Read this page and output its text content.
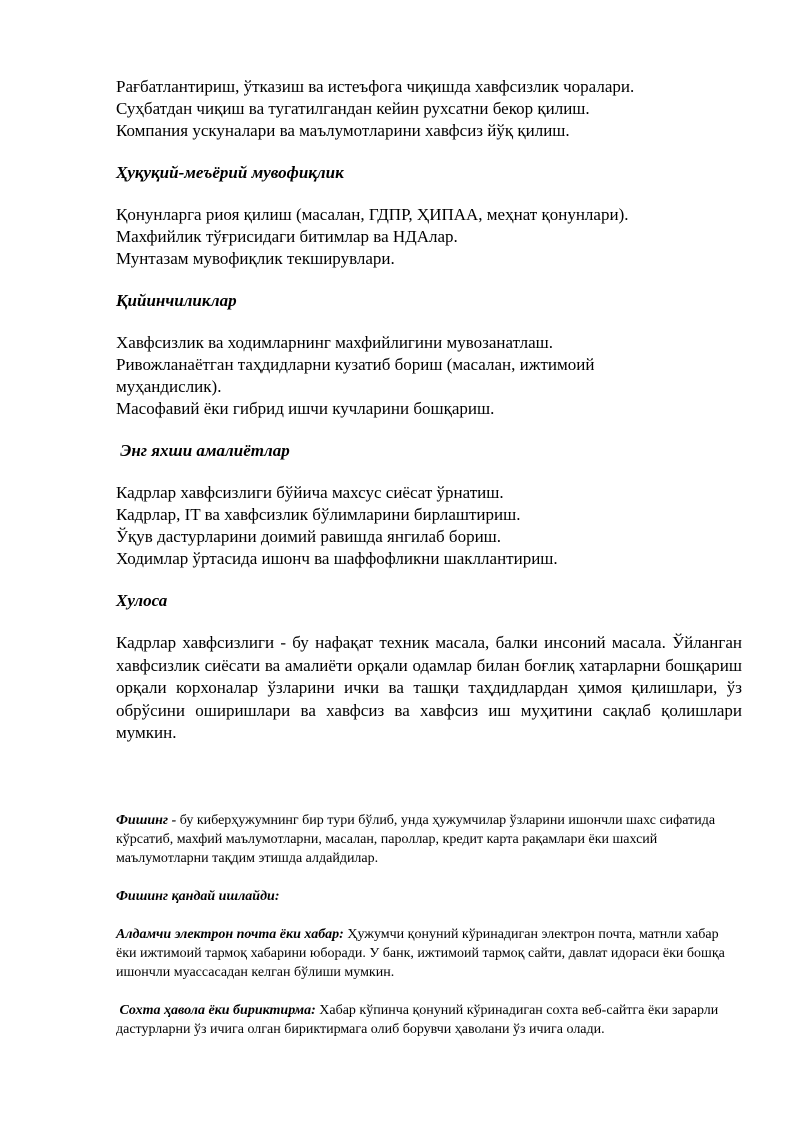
Рағбатлантириш, ўтказиш ва истеъфога чиқишда хавфсизлик чоралари.

Суҳбатдан чиқиш ва тугатилгандан кейин рухсатни бекор қилиш.

Компания ускуналари ва маълумотларини хавфсиз йўқ қилиш.

Ҳуқуқий-меъёрий мувофиқлик

Қонунларга риоя қилиш (масалан, ГДПР, ҲИПАА, меҳнат қонунлари).

Махфийлик тўғрисидаги битимлар ва НДАлар.

Мунтазам мувофиқлик текширувлари.

Қийинчиликлар

Хавфсизлик ва ходимларнинг махфийлигини мувозанатлаш.

Ривожланаётган таҳдидларни кузатиб бориш (масалан, ижтимоий муҳандислик).

Масофавий ёки гибрид ишчи кучларини бошқариш.

Энг яхши амалиётлар

Кадрлар хавфсизлиги бўйича махсус сиёсат ўрнатиш.

Кадрлар, IT ва хавфсизлик бўлимларини бирлаштириш.

Ўқув дастурларини доимий равишда янгилаб бориш.

Ходимлар ўртасида ишонч ва шаффофликни шакллантириш.

Хулоса

Кадрлар хавфсизлиги - бу нафақат техник масала, балки инсоний масала. Ўйланган хавфсизлик сиёсати ва амалиёти орқали одамлар билан боғлиқ хатарларни бошқариш орқали корхоналар ўзларини ички ва ташқи таҳдидлардан ҳимоя қилишлари, ўз обрўсини оширишлари ва хавфсиз ва хавфсиз иш муҳитини сақлаб қолишлари мумкин.

Фишинг - бу киберҳужумнинг бир тури бўлиб, унда ҳужумчилар ўзларини ишончли шахс сифатида кўрсатиб, махфий маълумотларни, масалан, пароллар, кредит карта рақамлари ёки шахсий маълумотларни тақдим этишда алдайдилар.

Фишинг қандай ишлайди:

Алдамчи электрон почта ёки хабар: Ҳужумчи қонуний кўринадиган электрон почта, матнли хабар ёки ижтимоий тармоқ хабарини юборади. У банк, ижтимоий тармоқ сайти, давлат идораси ёки бошқа ишончли муассасадан келган бўлиши мумкин.

Сохта ҳавола ёки бириктирма: Хабар кўпинча қонуний кўринадиган сохта веб-сайтга ёки зарарли дастурларни ўз ичига олган бириктирмага олиб борувчи ҳаволани ўз ичига олади.
